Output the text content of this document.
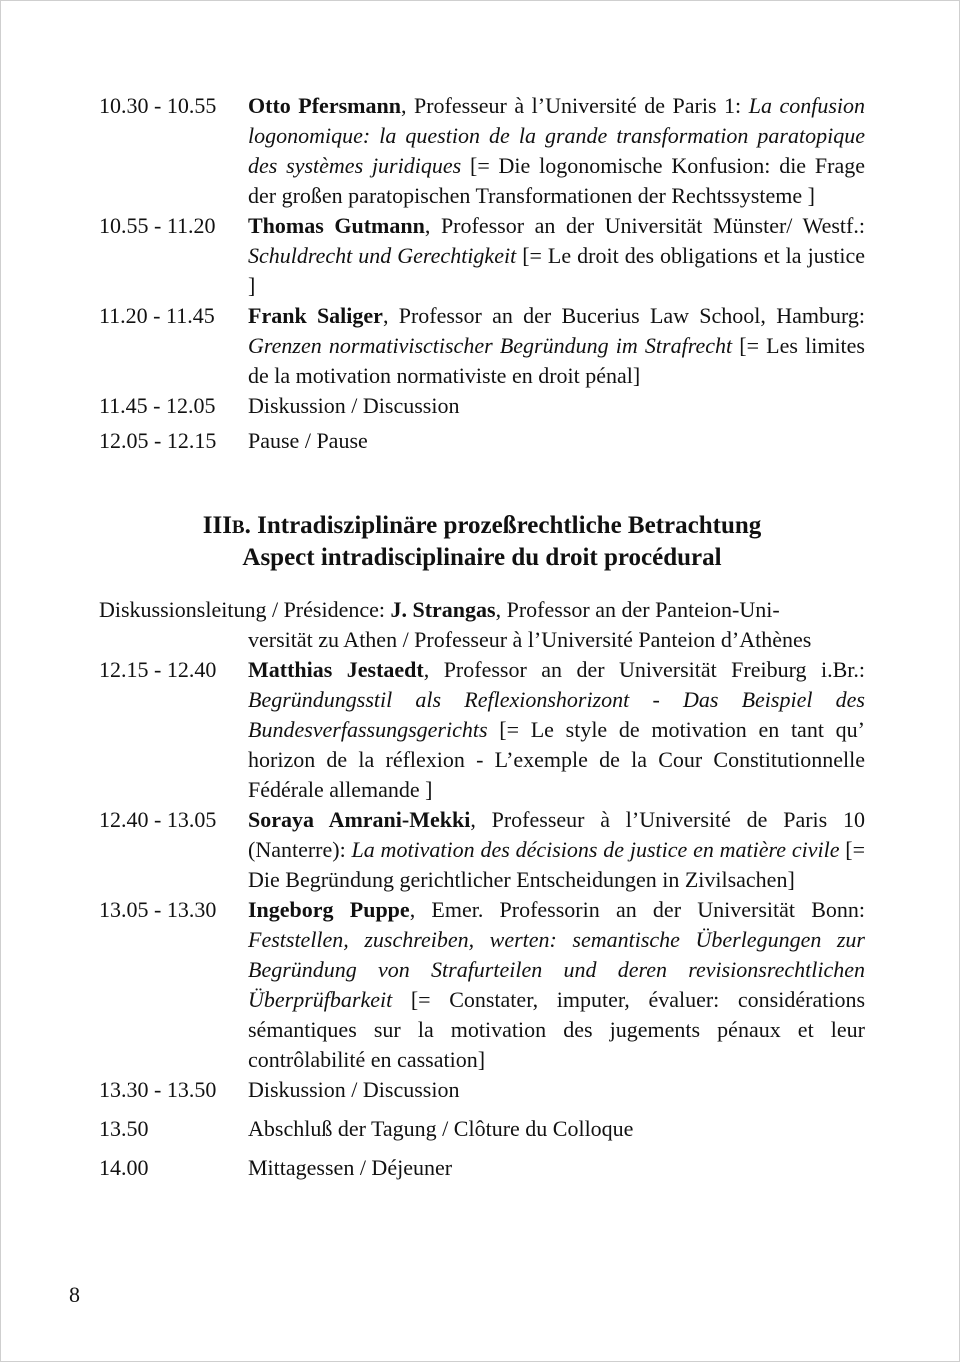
10.30 - 10.55	Otto Pfersmann, Professeur à l’Université de Paris 1: La confusion logonomique: la question de la grande transformation paratopique des systèmes juridiques [= Die logonomische Konfusion: die Frage der großen paratopischen Transformationen der Rechtssysteme ]
10.55 - 11.20	Thomas Gutmann, Professor an der Universität Münster/ Westf.: Schuldrecht und Gerechtigkeit [= Le droit des obligations et la justice ]
11.20 - 11.45	Frank Saliger, Professor an der Bucerius Law School, Hamburg: Grenzen normativisctischer Begründung im Strafrecht [= Les limites de la motivation normativiste en droit pénal]
11.45 - 12.05	Diskussion / Discussion
12.05 - 12.15	Pause / Pause
IIIB. Intradisziplinäre prozeßrechtliche Betrachtung
Aspect intradisciplinaire du droit procédural
Diskussionsleitung / Présidence: J. Strangas, Professor an der Panteion-Uni-
versität zu Athen / Professeur à l’Université Panteion d’Athènes
12.15 - 12.40	Matthias Jestaedt, Professor an der Universität Freiburg i.Br.: Begründungsstil als Reflexionshorizont - Das Beispiel des Bundesverfassungsgerichts [= Le style de motivation en tant qu’ horizon de la réflexion - L’exemple de la Cour Constitutionnelle Fédérale allemande ]
12.40 - 13.05	Soraya Amrani-Mekki, Professeur à l’Université de Paris 10 (Nanterre): La motivation des décisions de justice en matière civile [= Die Begründung gerichtlicher Entscheidungen in Zivilsachen]
13.05 - 13.30	Ingeborg Puppe, Emer. Professorin an der Universität Bonn: Feststellen, zuschreiben, werten: semantische Überlegungen zur Begründung von Strafurteilen und deren revisionsrechtlichen Überprüfbarkeit [= Constater, imputer, évaluer: considérations sémantiques sur la motivation des jugements pénaux et leur contrôlabilité en cassation]
13.30 - 13.50	Diskussion / Discussion
13.50	Abschluß der Tagung / Clôture du Colloque
14.00	Mittagessen / Déjeuner
8
